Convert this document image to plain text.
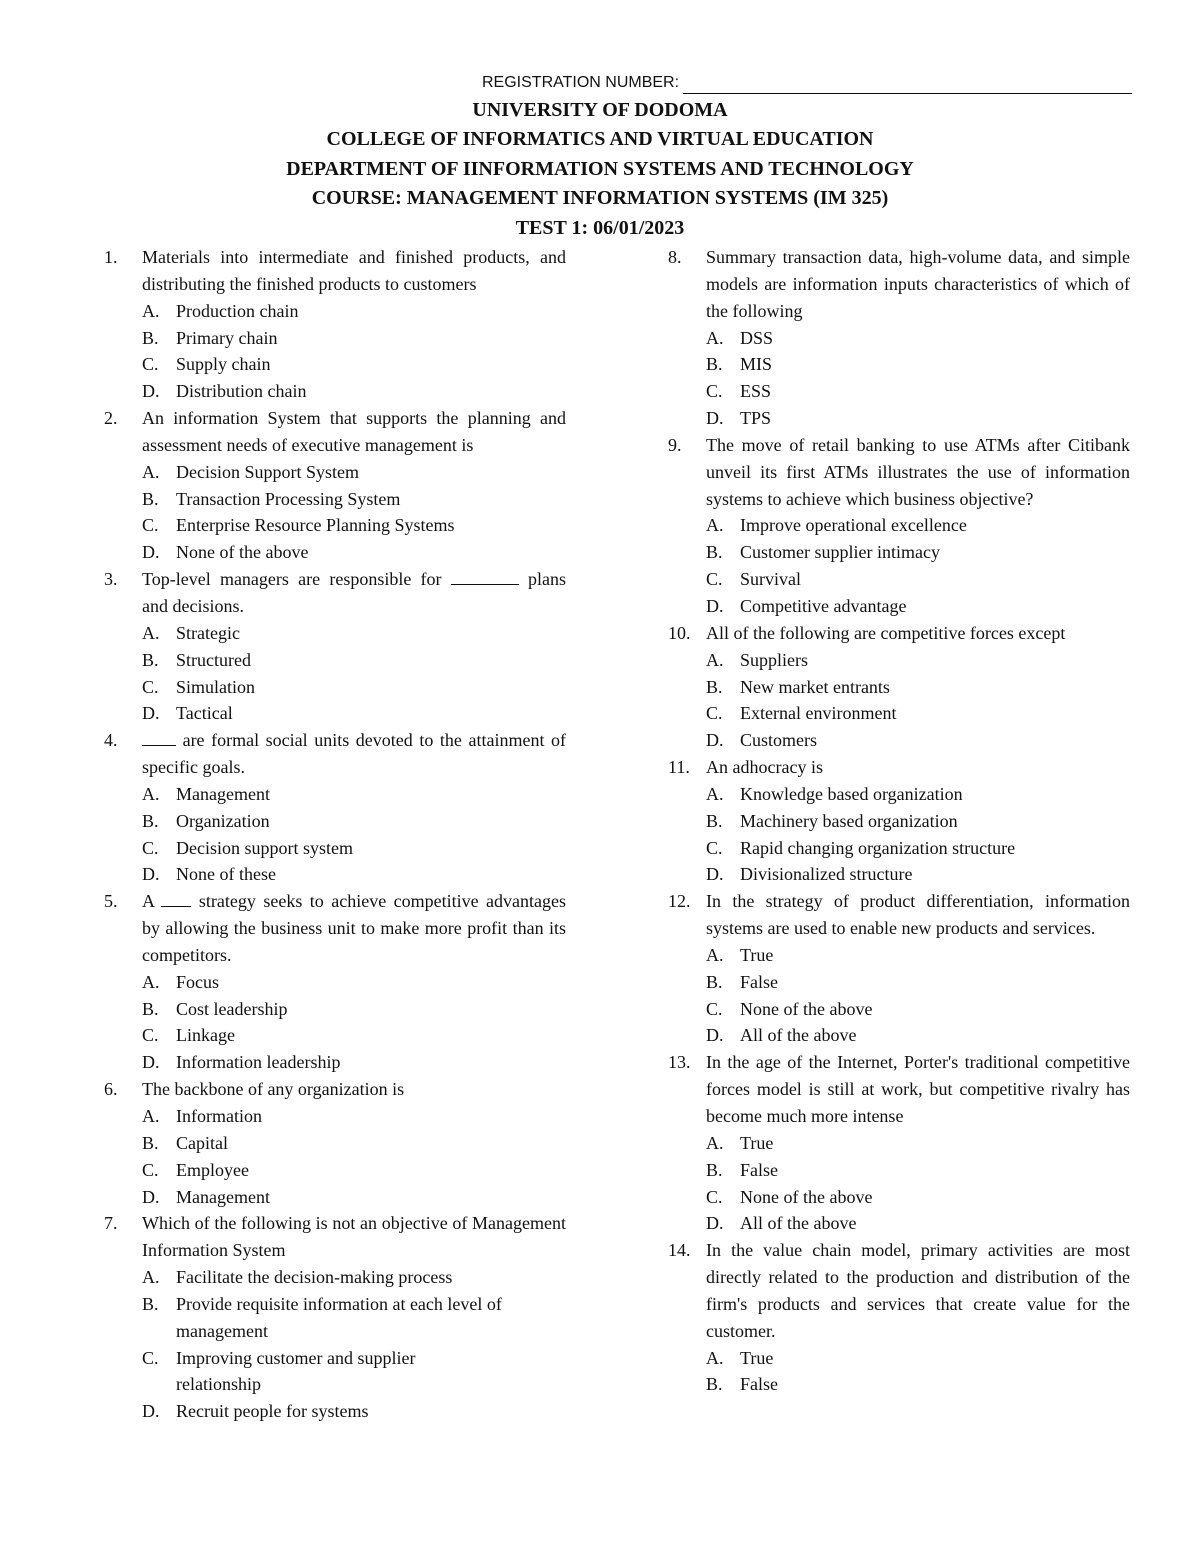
REGISTRATION NUMBER:
UNIVERSITY OF DODOMA
COLLEGE OF INFORMATICS AND VIRTUAL EDUCATION
DEPARTMENT OF IINFORMATION SYSTEMS AND TECHNOLOGY
COURSE: MANAGEMENT INFORMATION SYSTEMS (IM 325)
TEST 1: 06/01/2023
1.	Materials into intermediate and finished products, and distributing the finished products to customers
A. Production chain
B. Primary chain
C. Supply chain
D. Distribution chain
2.	An information System that supports the planning and assessment needs of executive management is
A. Decision Support System
B. Transaction Processing System
C. Enterprise Resource Planning Systems
D. None of the above
3.	Top-level managers are responsible for	plans and decisions.
A. Strategic
B. Structured
C. Simulation
D. Tactical
4.	are formal social units devoted to the attainment of specific goals.
A. Management
B. Organization
C. Decision support system
D. None of these
5.	A strategy seeks to achieve competitive advantages by allowing the business unit to make more profit than its competitors.
A. Focus
B. Cost leadership
C. Linkage
D. Information leadership
6.	The backbone of any organization is
A. Information
B. Capital
C. Employee
D. Management
7.	Which of the following is not an objective of Management Information System
A. Facilitate the decision-making process
B. Provide requisite information at each level of management
C. Improving customer and supplier relationship
D. Recruit people for systems
8.	Summary transaction data, high-volume data, and simple models are information inputs characteristics of which of the following
A. DSS
B. MIS
C. ESS
D. TPS
9.	The move of retail banking to use ATMs after Citibank unveil its first ATMs illustrates the use of information systems to achieve which business objective?
A. Improve operational excellence
B. Customer supplier intimacy
C. Survival
D. Competitive advantage
10. All of the following are competitive forces except
A. Suppliers
B. New market entrants
C. External environment
D. Customers
11. An adhocracy is
A. Knowledge based organization
B. Machinery based organization
C. Rapid changing organization structure
D. Divisionalized structure
12. In the strategy of product differentiation, information systems are used to enable new products and services.
A. True
B. False
C. None of the above
D. All of the above
13. In the age of the Internet, Porter's traditional competitive forces model is still at work, but competitive rivalry has become much more intense
A. True
B. False
C. None of the above
D. All of the above
14. In the value chain model, primary activities are most directly related to the production and distribution of the firm's products and services that create value for the customer.
A. True
B. False
